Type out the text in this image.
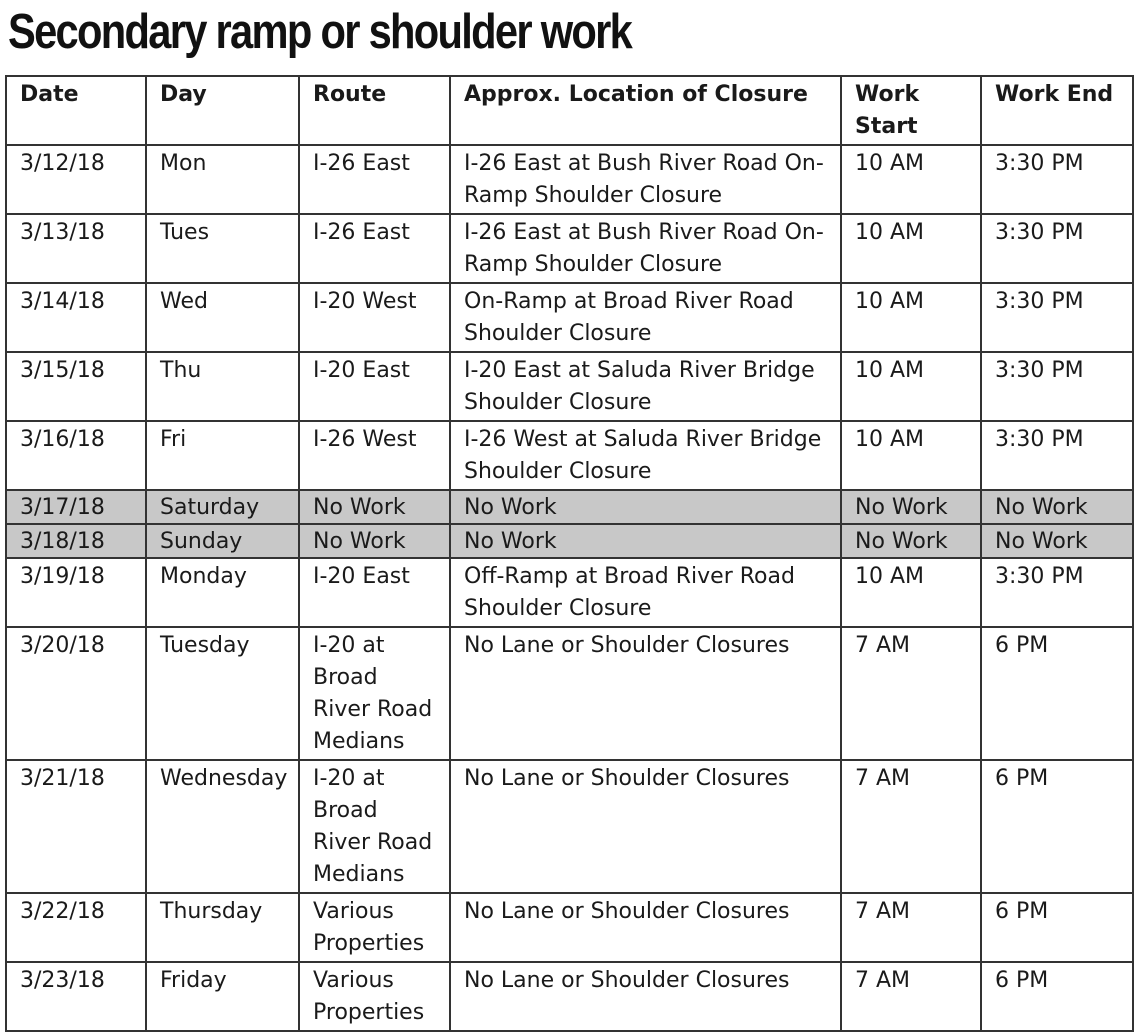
Secondary ramp or shoulder work
Date	Day	Route	Approx. Location of Closure	Work Start	Work End
3/12/18	Mon	I-26 East	I-26 East at Bush River Road On-Ramp Shoulder Closure	10 AM	3:30 PM
3/13/18	Tues	I-26 East	I-26 East at Bush River Road On-Ramp Shoulder Closure	10 AM	3:30 PM
3/14/18	Wed	I-20 West	On-Ramp at Broad River Road Shoulder Closure	10 AM	3:30 PM
3/15/18	Thu	I-20 East	I-20 East at Saluda River Bridge Shoulder Closure	10 AM	3:30 PM
3/16/18	Fri	I-26 West	I-26 West at Saluda River Bridge Shoulder Closure	10 AM	3:30 PM
3/17/18	Saturday	No Work	No Work	No Work	No Work
3/18/18	Sunday	No Work	No Work	No Work	No Work
3/19/18	Monday	I-20 East	Off-Ramp at Broad River Road Shoulder Closure	10 AM	3:30 PM
3/20/18	Tuesday	I-20 at Broad River Road Medians	No Lane or Shoulder Closures	7 AM	6 PM
3/21/18	Wednesday	I-20 at Broad River Road Medians	No Lane or Shoulder Closures	7 AM	6 PM
3/22/18	Thursday	Various Properties	No Lane or Shoulder Closures	7 AM	6 PM
3/23/18	Friday	Various Properties	No Lane or Shoulder Closures	7 AM	6 PM
